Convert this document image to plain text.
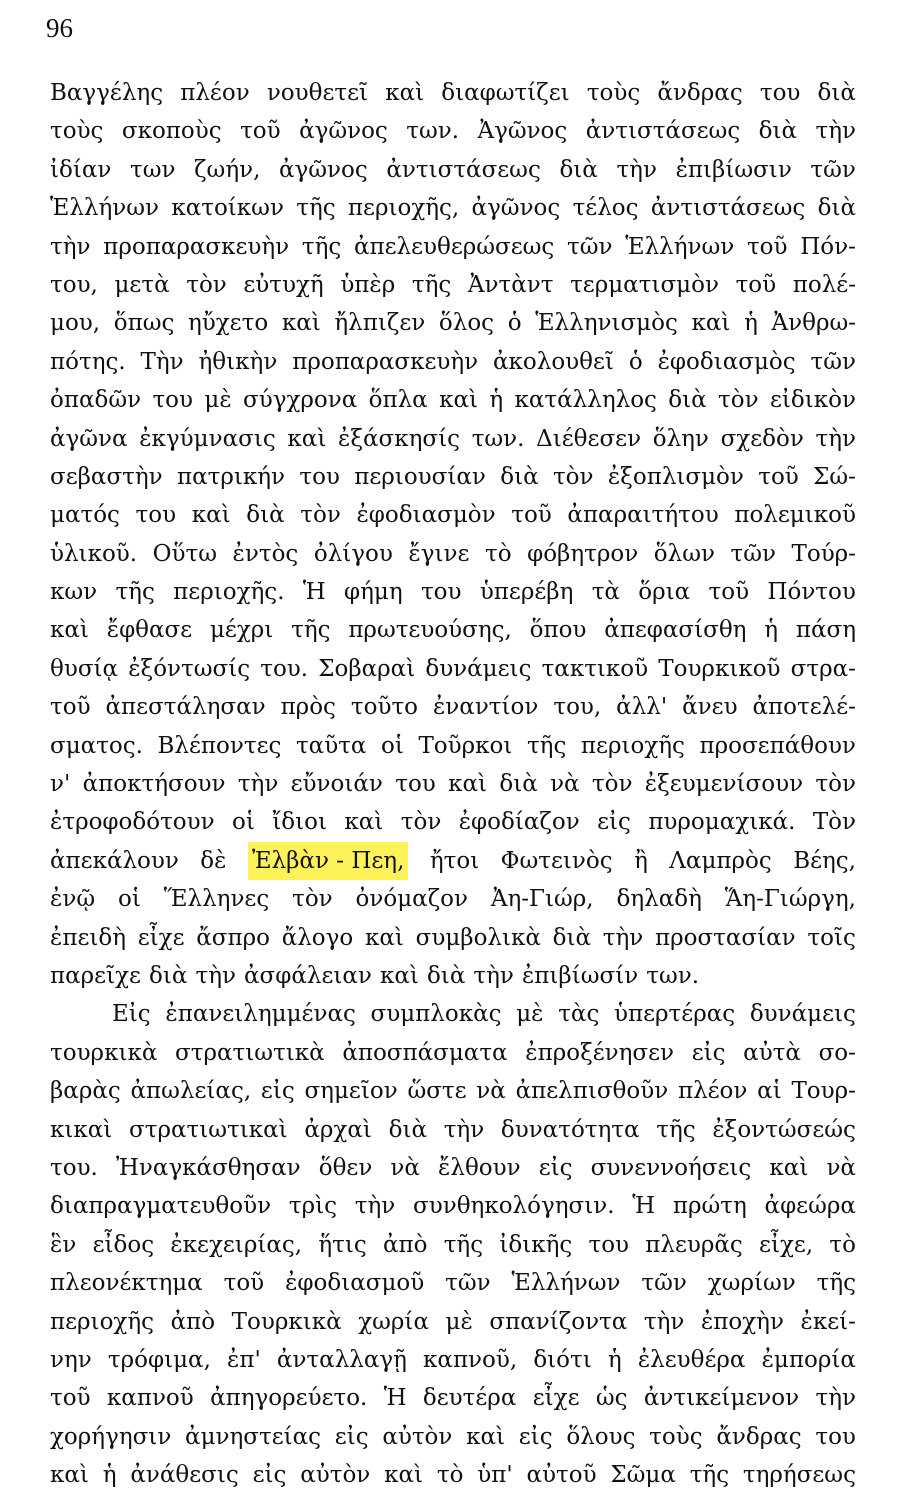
96
Βαγγέλης πλέον νουθετεῖ καὶ διαφωτίζει τοὺς ἄνδρας του διὰ
τοὺς σκοποὺς τοῦ ἀγῶνος των. Ἀγῶνος ἀντιστάσεως διὰ τὴν
ἰδίαν των ζωήν, ἀγῶνος ἀντιστάσεως διὰ τὴν ἐπιβίωσιν τῶν
Ἑλλήνων κατοίκων τῆς περιοχῆς, ἀγῶνος τέλος ἀντιστάσεως διὰ
τὴν προπαρασκευὴν τῆς ἀπελευθερώσεως τῶν Ἑλλήνων τοῦ Πόν-
του, μετὰ τὸν εὐτυχῆ ὑπὲρ τῆς Ἀντὰντ τερματισμὸν τοῦ πολέ-
μου, ὅπως ηὔχετο καὶ ἤλπιζεν ὅλος ὁ Ἑλληνισμὸς καὶ ἡ Ἀνθρω-
πότης. Τὴν ἠθικὴν προπαρασκευὴν ἀκολουθεῖ ὁ ἐφοδιασμὸς τῶν
ὀπαδῶν του μὲ σύγχρονα ὅπλα καὶ ἡ κατάλληλος διὰ τὸν εἰδικὸν
ἀγῶνα ἐκγύμνασις καὶ ἐξάσκησίς των. Διέθεσεν ὅλην σχεδὸν τὴν
σεβαστὴν πατρικήν του περιουσίαν διὰ τὸν ἐξοπλισμὸν τοῦ Σώ-
ματός του καὶ διὰ τὸν ἐφοδιασμὸν τοῦ ἀπαραιτήτου πολεμικοῦ
ὑλικοῦ. Οὕτω ἐντὸς ὀλίγου ἔγινε τὸ φόβητρον ὅλων τῶν Τούρ-
κων τῆς περιοχῆς. Ἡ φήμη του ὑπερέβη τὰ ὅρια τοῦ Πόντου
καὶ ἔφθασε μέχρι τῆς πρωτευούσης, ὅπου ἀπεφασίσθη ἡ πάση
θυσίᾳ ἐξόντωσίς του. Σοβαραὶ δυνάμεις τακτικοῦ Τουρκικοῦ στρα-
τοῦ ἀπεστάλησαν πρὸς τοῦτο ἐναντίον του, ἀλλ' ἄνευ ἀποτελέ-
σματος. Βλέποντες ταῦτα οἱ Τοῦρκοι τῆς περιοχῆς προσεπάθουν
ν' ἀποκτήσουν τὴν εὔνοιάν του καὶ διὰ νὰ τὸν ἐξευμενίσουν τὸν
ἐτροφοδότουν οἱ ἴδιοι καὶ τὸν ἐφοδίαζον εἰς πυρομαχικά. Τὸν
ἀπεκάλουν δὲ Ἐλβὰν - Πεη, ἤτοι Φωτεινὸς ἢ Λαμπρὸς Βέης,
ἐνῷ οἱ Ἕλληνες τὸν ὀνόμαζον Ἀη-Γιώρ, δηλαδὴ Ἅη-Γιώργη,
ἐπειδὴ εἶχε ἄσπρο ἄλογο καὶ συμβολικὰ διὰ τὴν προστασίαν τοῖς
παρεῖχε διὰ τὴν ἀσφάλειαν καὶ διὰ τὴν ἐπιβίωσίν των.
Εἰς ἐπανειλημμένας συμπλοκὰς μὲ τὰς ὑπερτέρας δυνάμεις
τουρκικὰ στρατιωτικὰ ἀποσπάσματα ἐπροξένησεν εἰς αὐτὰ σο-
βαρὰς ἀπωλείας, εἰς σημεῖον ὥστε νὰ ἀπελπισθοῦν πλέον αἱ Τουρ-
κικαὶ στρατιωτικαὶ ἀρχαὶ διὰ τὴν δυνατότητα τῆς ἐξοντώσεώς
του. Ἠναγκάσθησαν ὅθεν νὰ ἔλθουν εἰς συνεννοήσεις καὶ νὰ
διαπραγματευθοῦν τρὶς τὴν συνθηκολόγησιν. Ἡ πρώτη ἀφεώρα
ἓν εἶδος ἐκεχειρίας, ἥτις ἀπὸ τῆς ἰδικῆς του πλευρᾶς εἶχε, τὸ
πλεονέκτημα τοῦ ἐφοδιασμοῦ τῶν Ἑλλήνων τῶν χωρίων τῆς
περιοχῆς ἀπὸ Τουρκικὰ χωρία μὲ σπανίζοντα τὴν ἐποχὴν ἐκεί-
νην τρόφιμα, ἐπ' ἀνταλλαγῇ καπνοῦ, διότι ἡ ἐλευθέρα ἐμπορία
τοῦ καπνοῦ ἀπηγορεύετο. Ἡ δευτέρα εἶχε ὡς ἀντικείμενον τὴν
χορήγησιν ἀμνηστείας εἰς αὐτὸν καὶ εἰς ὅλους τοὺς ἄνδρας του
καὶ ἡ ἀνάθεσις εἰς αὐτὸν καὶ τὸ ὑπ' αὐτοῦ Σῶμα τῆς τηρήσεως
